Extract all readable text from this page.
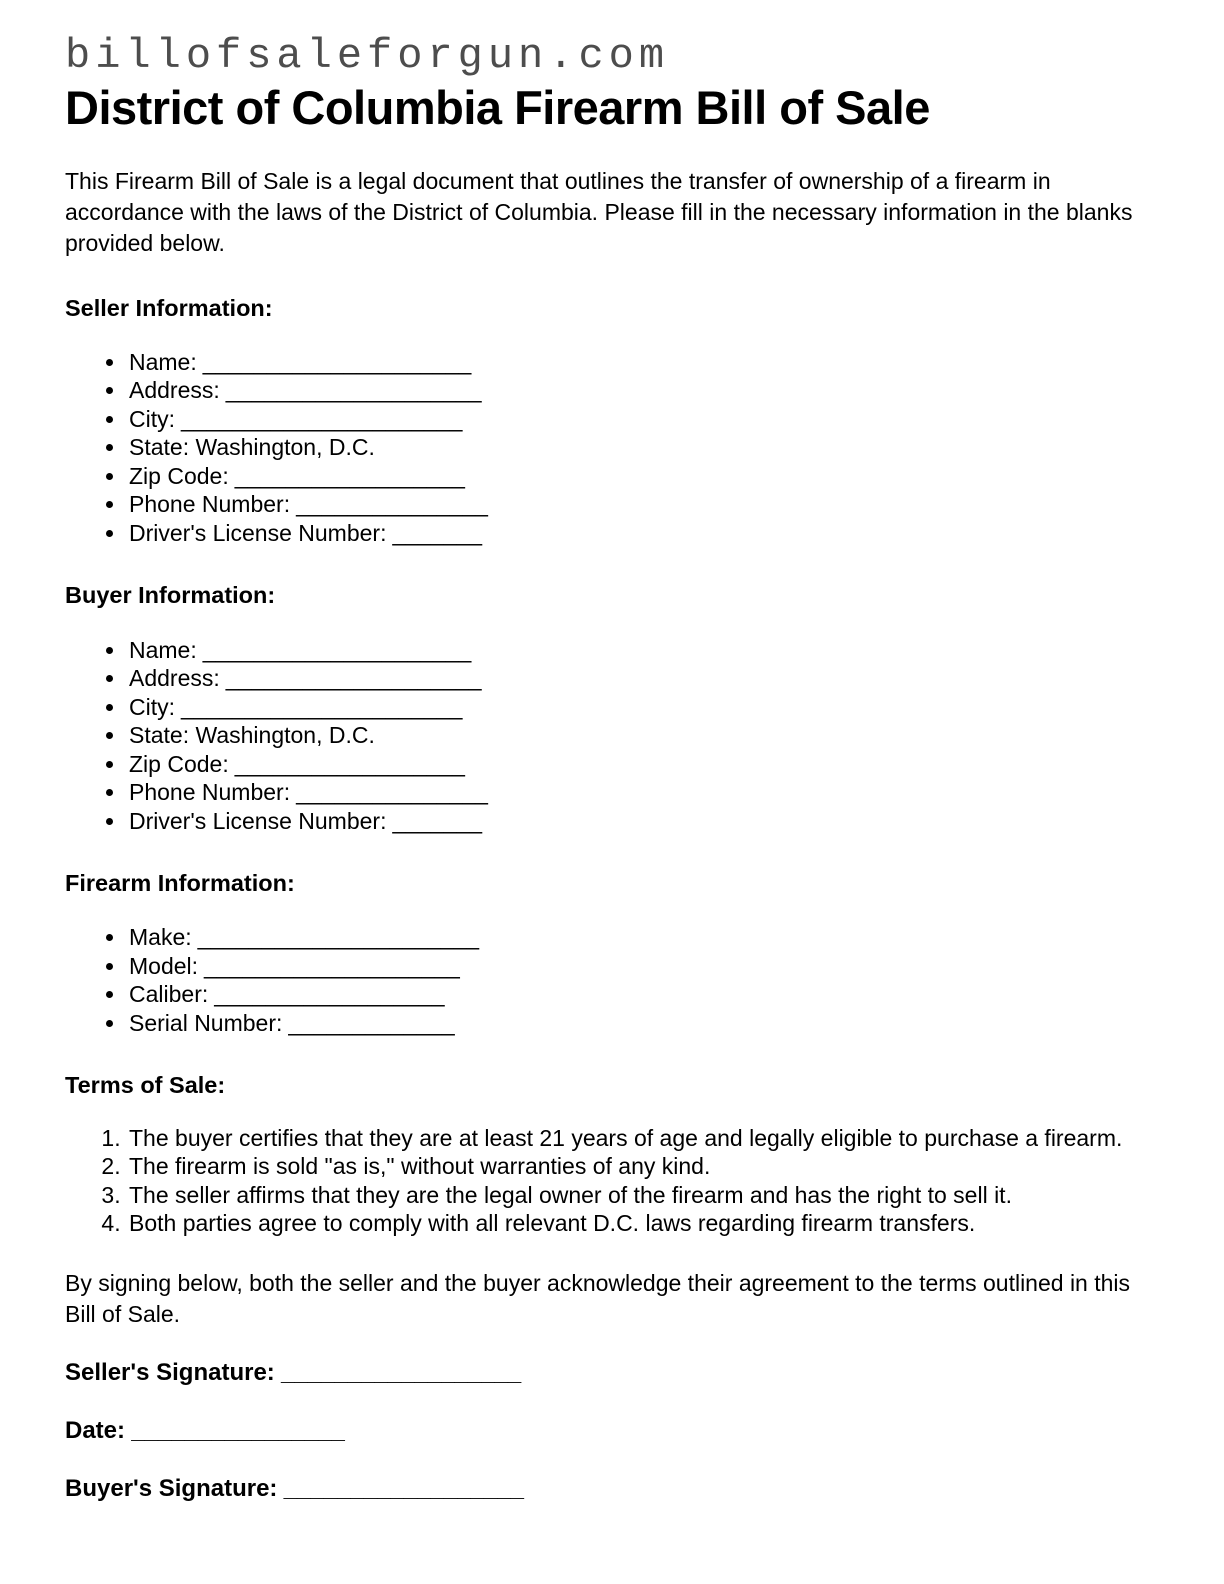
billofsaleforgun.com
District of Columbia Firearm Bill of Sale

This Firearm Bill of Sale is a legal document that outlines the transfer of ownership of a firearm in accordance with the laws of the District of Columbia. Please fill in the necessary information in the blanks provided below.

Seller Information:
• Name: _____________________
• Address: ____________________
• City: ______________________
• State: Washington, D.C.
• Zip Code: __________________
• Phone Number: _______________
• Driver's License Number: _______
Buyer Information:
• Name: _____________________
• Address: ____________________
• City: ______________________
• State: Washington, D.C.
• Zip Code: __________________
• Phone Number: _______________
• Driver's License Number: _______
Firearm Information:
• Make: ______________________
• Model: ____________________
• Caliber: __________________
• Serial Number: _____________
Terms of Sale:
1. The buyer certifies that they are at least 21 years of age and legally eligible to purchase a firearm.
2. The firearm is sold "as is," without warranties of any kind.
3. The seller affirms that they are the legal owner of the firearm and has the right to sell it.
4. Both parties agree to comply with all relevant D.C. laws regarding firearm transfers.

By signing below, both the seller and the buyer acknowledge their agreement to the terms outlined in this Bill of Sale.

Seller's Signature: __________________
Date: ________________
Buyer's Signature: __________________
